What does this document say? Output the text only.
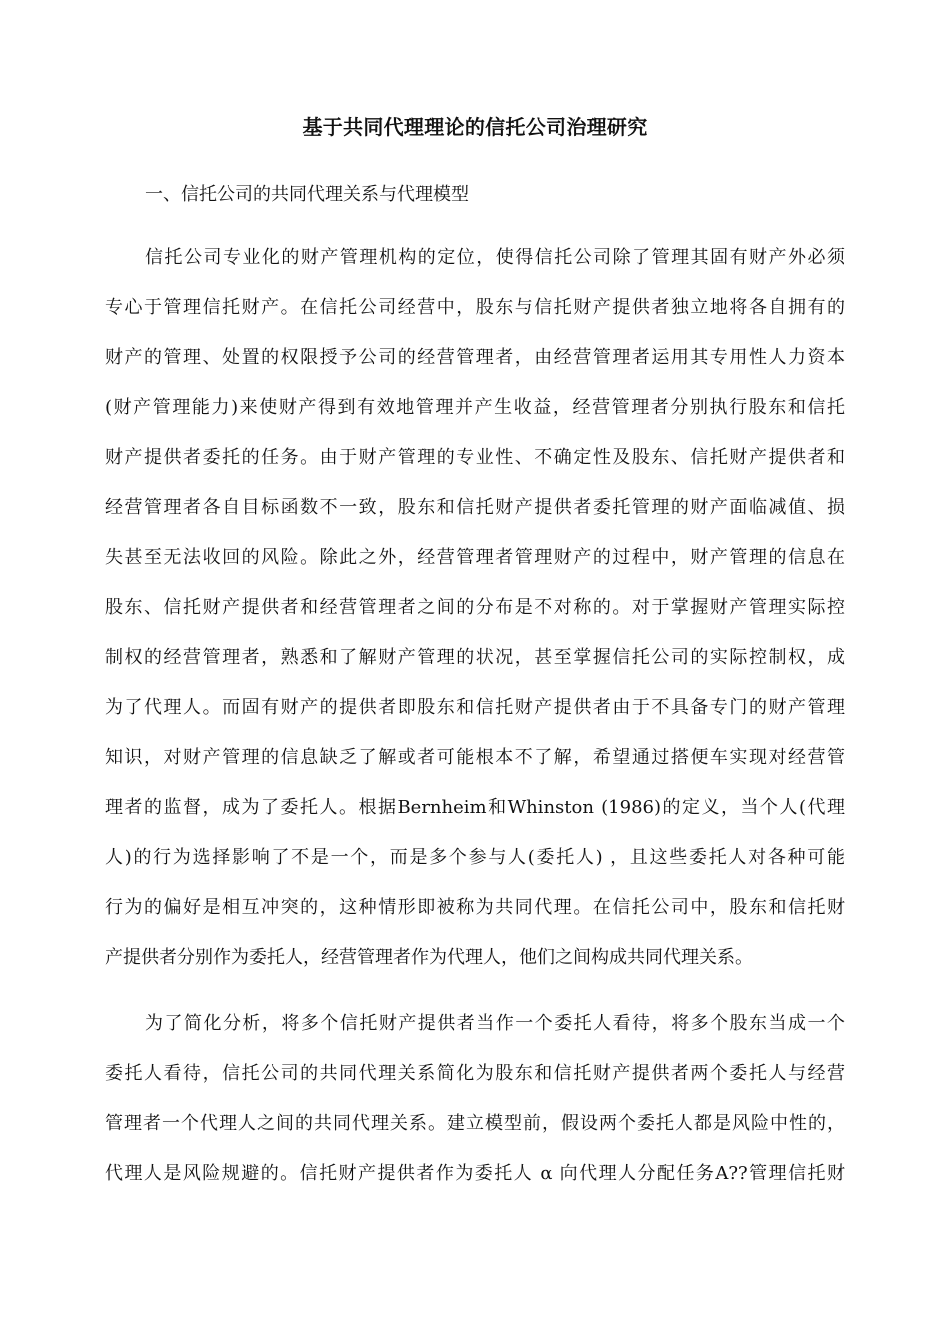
基于共同代理理论的信托公司治理研究
一、信托公司的共同代理关系与代理模型
信托公司专业化的财产管理机构的定位，使得信托公司除了管理其固有财产外必须
专心于管理信托财产。在信托公司经营中，股东与信托财产提供者独立地将各自拥有的
财产的管理、处置的权限授予公司的经营管理者，由经营管理者运用其专用性人力资本
(财产管理能力)来使财产得到有效地管理并产生收益，经营管理者分别执行股东和信托
财产提供者委托的任务。由于财产管理的专业性、不确定性及股东、信托财产提供者和
经营管理者各自目标函数不一致，股东和信托财产提供者委托管理的财产面临减值、损
失甚至无法收回的风险。除此之外，经营管理者管理财产的过程中，财产管理的信息在
股东、信托财产提供者和经营管理者之间的分布是不对称的。对于掌握财产管理实际控
制权的经营管理者，熟悉和了解财产管理的状况，甚至掌握信托公司的实际控制权，成
为了代理人。而固有财产的提供者即股东和信托财产提供者由于不具备专门的财产管理
知识，对财产管理的信息缺乏了解或者可能根本不了解，希望通过搭便车实现对经营管
理者的监督，成为了委托人。根据Bernheim和Whinston (1986)的定义，当个人(代理
人)的行为选择影响了不是一个，而是多个参与人(委托人) ，且这些委托人对各种可能
行为的偏好是相互冲突的，这种情形即被称为共同代理。在信托公司中，股东和信托财
产提供者分别作为委托人，经营管理者作为代理人，他们之间构成共同代理关系。
为了简化分析，将多个信托财产提供者当作一个委托人看待，将多个股东当成一个
委托人看待，信托公司的共同代理关系简化为股东和信托财产提供者两个委托人与经营
管理者一个代理人之间的共同代理关系。建立模型前，假设两个委托人都是风险中性的，
代理人是风险规避的。信托财产提供者作为委托人 α 向代理人分配任务A??管理信托财
